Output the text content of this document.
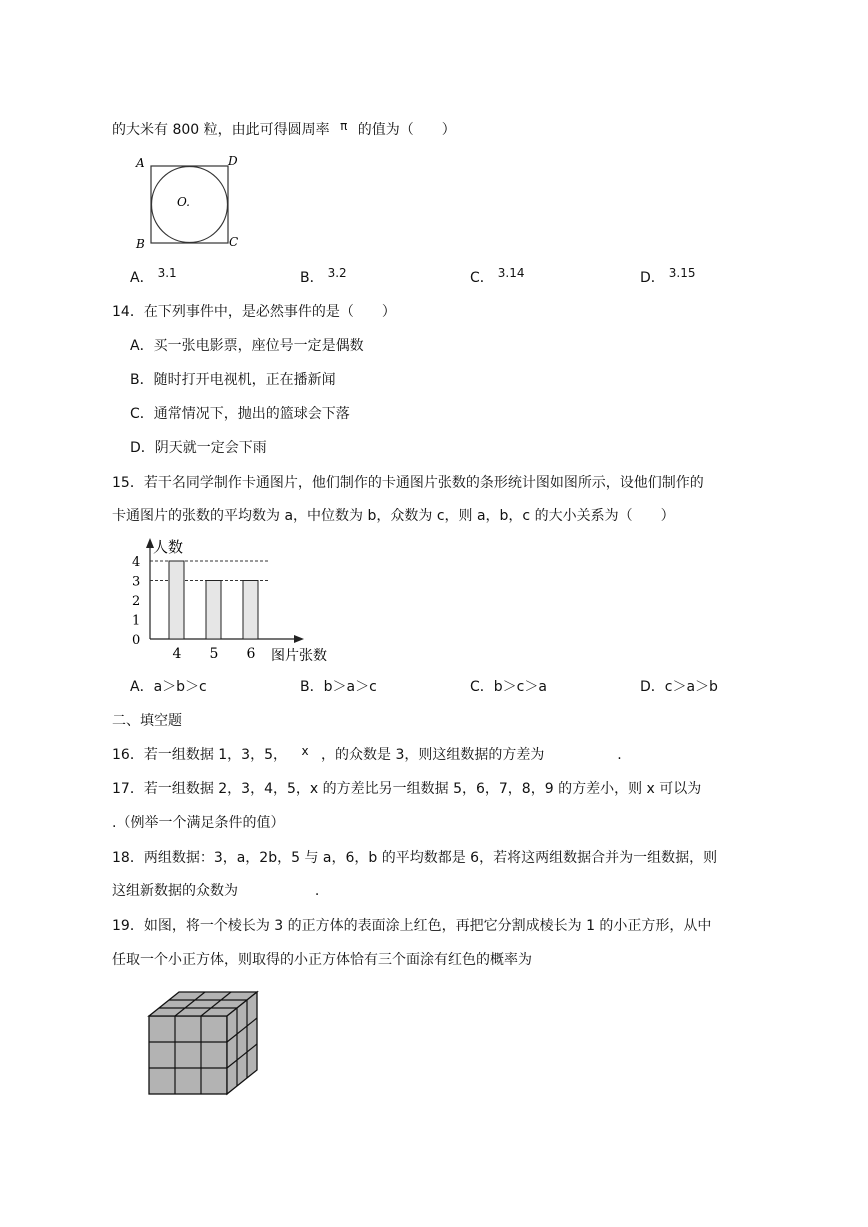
的大米有 800 粒，由此可得圆周率 π 的值为（　　）
A	D
O.
B	C
A． 3.1	B． 3.2	C． 3.14	D． 3.15
14．在下列事件中，是必然事件的是（　　）
A．买一张电影票，座位号一定是偶数
B．随时打开电视机，正在播新闻
C．通常情况下，抛出的篮球会下落
D．阴天就一定会下雨
15．若干名同学制作卡通图片，他们制作的卡通图片张数的条形统计图如图所示，设他们制作的
卡通图片的张数的平均数为 a，中位数为 b，众数为 c，则 a，b，c 的大小关系为（　　）
人数
图片张数
0
1
2
3
4
4 5 6
A．a＞b＞c	B．b＞a＞c	C．b＞c＞a	D．c＞a＞b
二、填空题
16．若一组数据 1，3，5， x ，的众数是 3，则这组数据的方差为	.
17．若一组数据 2，3，4，5，x 的方差比另一组数据 5，6，7，8，9 的方差小，则 x 可以为
.（例举一个满足条件的值）
18．两组数据：3，a，2b，5 与 a，6，b 的平均数都是 6，若将这两组数据合并为一组数据，则
这组新数据的众数为	.
19．如图，将一个棱长为 3 的正方体的表面涂上红色，再把它分割成棱长为 1 的小正方形，从中
任取一个小正方体，则取得的小正方体恰有三个面涂有红色的概率为
